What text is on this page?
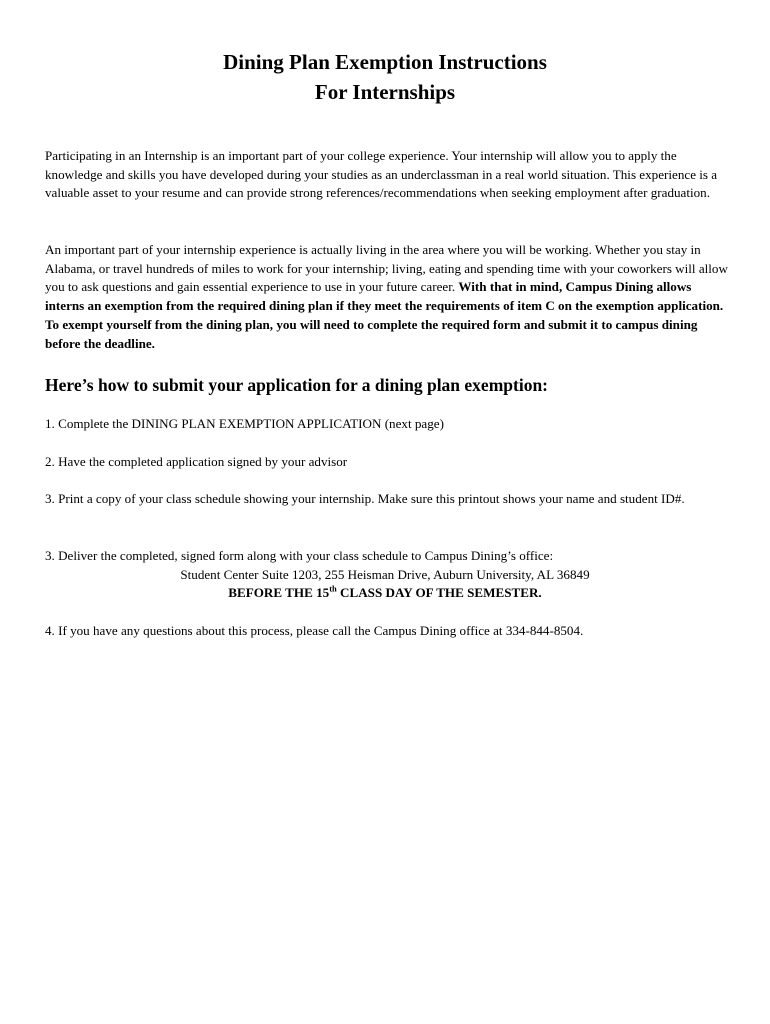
Dining Plan Exemption Instructions
For Internships

Participating in an Internship is an important part of your college experience. Your internship will allow you to apply the knowledge and skills you have developed during your studies as an underclassman in a real world situation. This experience is a valuable asset to your resume and can provide strong references/recommendations when seeking employment after graduation.

An important part of your internship experience is actually living in the area where you will be working. Whether you stay in Alabama, or travel hundreds of miles to work for your internship; living, eating and spending time with your coworkers will allow you to ask questions and gain essential experience to use in your future career. With that in mind, Campus Dining allows interns an exemption from the required dining plan if they meet the requirements of item C on the exemption application. To exempt yourself from the dining plan, you will need to complete the required form and submit it to campus dining before the deadline.

Here’s how to submit your application for a dining plan exemption:

1. Complete the DINING PLAN EXEMPTION APPLICATION (next page)

2. Have the completed application signed by your advisor

3. Print a copy of your class schedule showing your internship. Make sure this printout shows your name and student ID#.

3. Deliver the completed, signed form along with your class schedule to Campus Dining’s office:

Student Center Suite 1203, 255 Heisman Drive, Auburn University, AL 36849

BEFORE THE 15th CLASS DAY OF THE SEMESTER.

4. If you have any questions about this process, please call the Campus Dining office at 334-844-8504.
